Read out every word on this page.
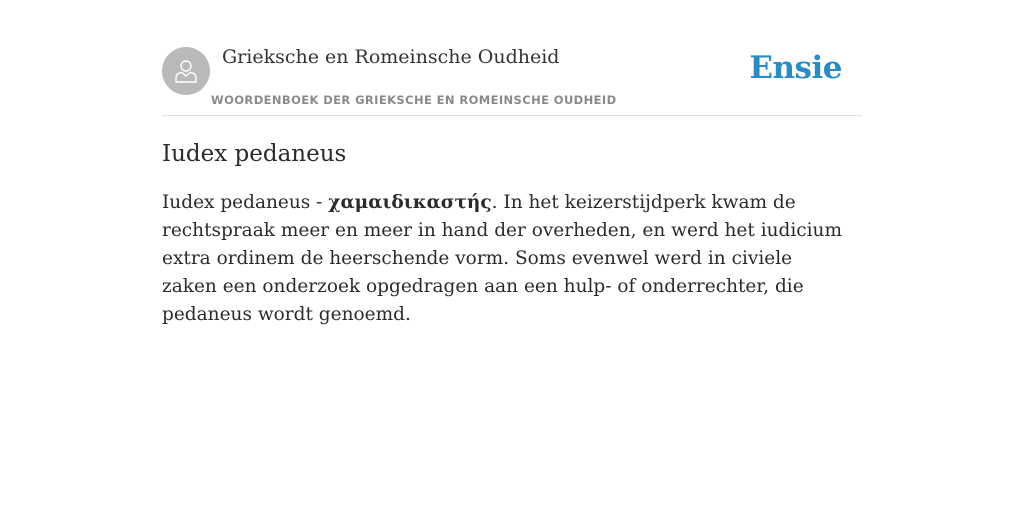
Grieksche en Romeinsche Oudheid
WOORDENBOEK DER GRIEKSCHE EN ROMEINSCHE OUDHEID
Ensie
Iudex pedaneus

Iudex pedaneus - χαμαιδικαστής. In het keizerstijdperk kwam de rechtspraak meer en meer in hand der overheden, en werd het iudicium extra ordinem de heerschende vorm. Soms evenwel werd in civiele zaken een onderzoek opgedragen aan een hulp- of onderrechter, die pedaneus wordt genoemd.
